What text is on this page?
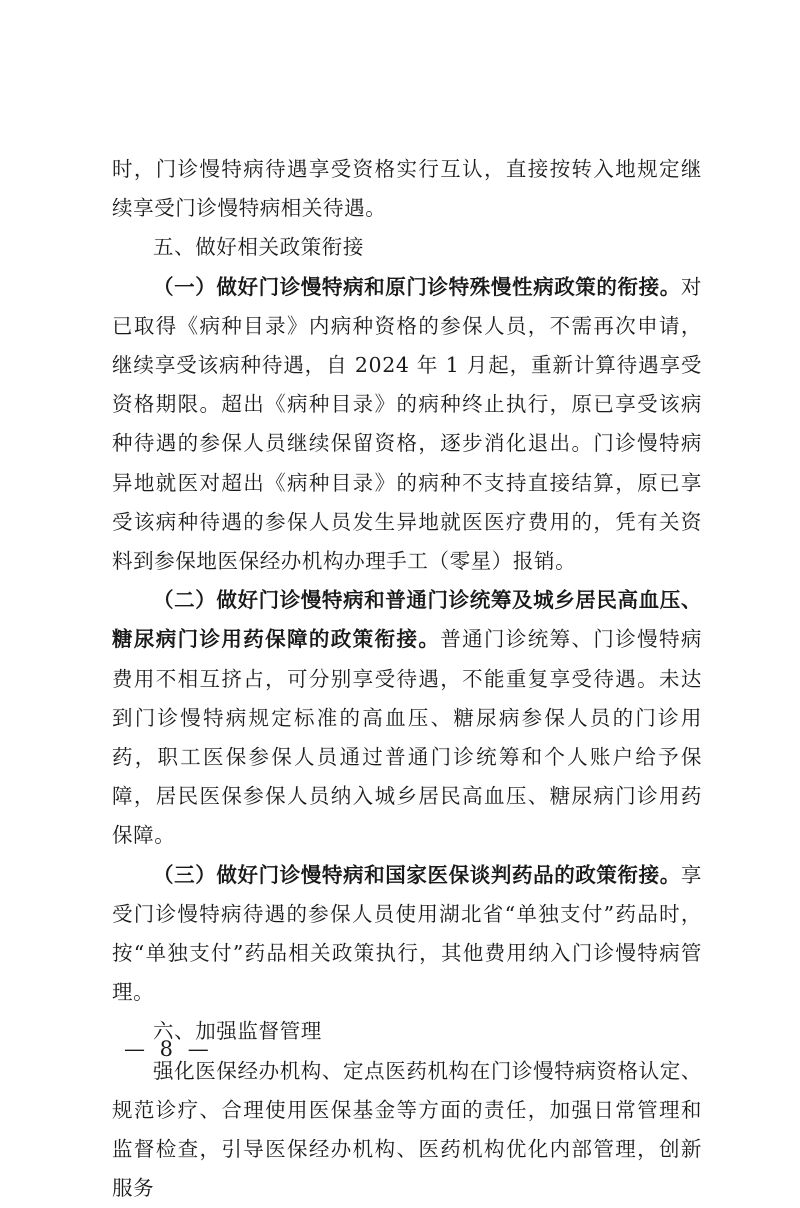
时，门诊慢特病待遇享受资格实行互认，直接按转入地规定继续享受门诊慢特病相关待遇。

五、做好相关政策衔接

（一）做好门诊慢特病和原门诊特殊慢性病政策的衔接。对已取得《病种目录》内病种资格的参保人员，不需再次申请，继续享受该病种待遇，自 2024 年 1 月起，重新计算待遇享受资格期限。超出《病种目录》的病种终止执行，原已享受该病种待遇的参保人员继续保留资格，逐步消化退出。门诊慢特病异地就医对超出《病种目录》的病种不支持直接结算，原已享受该病种待遇的参保人员发生异地就医医疗费用的，凭有关资料到参保地医保经办机构办理手工（零星）报销。

（二）做好门诊慢特病和普通门诊统筹及城乡居民高血压、糖尿病门诊用药保障的政策衔接。普通门诊统筹、门诊慢特病费用不相互挤占，可分别享受待遇，不能重复享受待遇。未达到门诊慢特病规定标准的高血压、糖尿病参保人员的门诊用药，职工医保参保人员通过普通门诊统筹和个人账户给予保障，居民医保参保人员纳入城乡居民高血压、糖尿病门诊用药保障。

（三）做好门诊慢特病和国家医保谈判药品的政策衔接。享受门诊慢特病待遇的参保人员使用湖北省“单独支付”药品时，按“单独支付”药品相关政策执行，其他费用纳入门诊慢特病管理。

六、加强监督管理

强化医保经办机构、定点医药机构在门诊慢特病资格认定、规范诊疗、合理使用医保基金等方面的责任，加强日常管理和监督检查，引导医保经办机构、医药机构优化内部管理，创新服务

— 8 —
